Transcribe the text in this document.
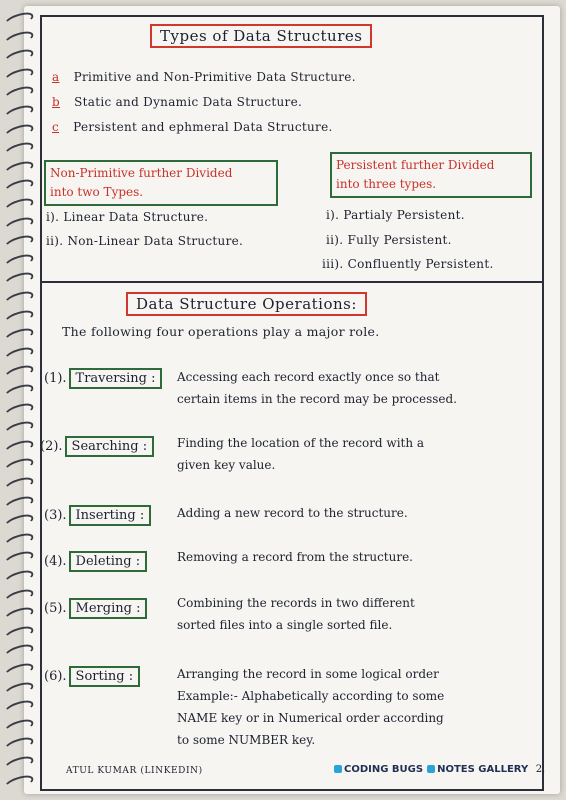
Types of Data Structures
a Primitive and Non-Primitive Data Structure.
b Static and Dynamic Data Structure.
c Persistent and ephmeral Data Structure.
Non-Primitive further Divided
into two Types.
i). Linear Data Structure.
ii). Non-Linear Data Structure.
Persistent further Divided
into three types.
i). Partialy Persistent.
ii). Fully Persistent.
iii). Confluently Persistent.
Data Structure Operations:
The following four operations play a major role.
(1). Traversing :	Accessing each record exactly once so that
certain items in the record may be processed.
(2). Searching :	Finding the location of the record with a
given key value.
(3). Inserting :	Adding a new record to the structure.
(4). Deleting :	Removing a record from the structure.
(5). Merging :	Combining the records in two different
sorted files into a single sorted file.
(6). Sorting :	Arranging the record in some logical order
Example:- Alphabetically according to some
NAME key or in Numerical order according
to some NUMBER key.
ATUL KUMAR (LINKEDIN)	CODING BUGS NOTES GALLERY 2.
